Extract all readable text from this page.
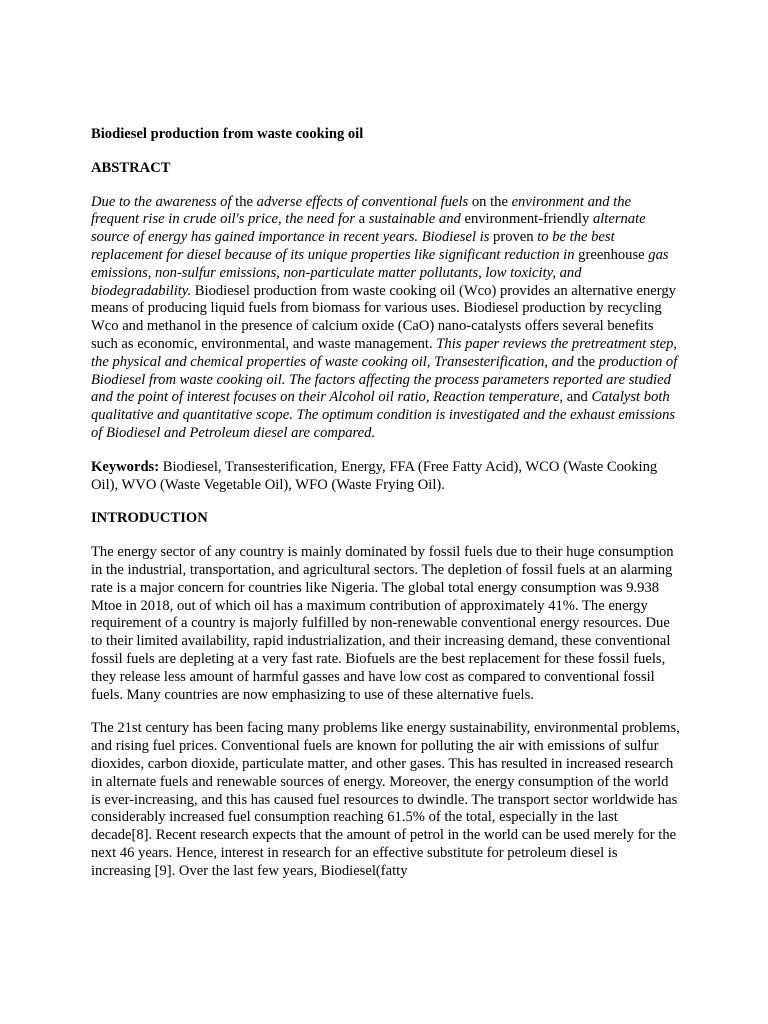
Biodiesel production from waste cooking oil
ABSTRACT

Due to the awareness of the adverse effects of conventional fuels on the environment and the frequent rise in crude oil's price, the need for a sustainable and environment-friendly alternate source of energy has gained importance in recent years. Biodiesel is proven to be the best replacement for diesel because of its unique properties like significant reduction in greenhouse gas emissions, non-sulfur emissions, non-particulate matter pollutants, low toxicity, and biodegradability. Biodiesel production from waste cooking oil (Wco) provides an alternative energy means of producing liquid fuels from biomass for various uses. Biodiesel production by recycling Wco and methanol in the presence of calcium oxide (CaO) nano-catalysts offers several benefits such as economic, environmental, and waste management. This paper reviews the pretreatment step, the physical and chemical properties of waste cooking oil, Transesterification, and the production of Biodiesel from waste cooking oil. The factors affecting the process parameters reported are studied and the point of interest focuses on their Alcohol oil ratio, Reaction temperature, and Catalyst both qualitative and quantitative scope. The optimum condition is investigated and the exhaust emissions of Biodiesel and Petroleum diesel are compared.

Keywords: Biodiesel, Transesterification, Energy, FFA (Free Fatty Acid), WCO (Waste Cooking Oil), WVO (Waste Vegetable Oil), WFO (Waste Frying Oil).

INTRODUCTION

The energy sector of any country is mainly dominated by fossil fuels due to their huge consumption in the industrial, transportation, and agricultural sectors. The depletion of fossil fuels at an alarming rate is a major concern for countries like Nigeria. The global total energy consumption was 9.938 Mtoe in 2018, out of which oil has a maximum contribution of approximately 41%. The energy requirement of a country is majorly fulfilled by non-renewable conventional energy resources. Due to their limited availability, rapid industrialization, and their increasing demand, these conventional fossil fuels are depleting at a very fast rate. Biofuels are the best replacement for these fossil fuels, they release less amount of harmful gasses and have low cost as compared to conventional fossil fuels. Many countries are now emphasizing to use of these alternative fuels.

The 21st century has been facing many problems like energy sustainability, environmental problems, and rising fuel prices. Conventional fuels are known for polluting the air with emissions of sulfur dioxides, carbon dioxide, particulate matter, and other gases. This has resulted in increased research in alternate fuels and renewable sources of energy. Moreover, the energy consumption of the world is ever-increasing, and this has caused fuel resources to dwindle. The transport sector worldwide has considerably increased fuel consumption reaching 61.5% of the total, especially in the last decade[8]. Recent research expects that the amount of petrol in the world can be used merely for the next 46 years. Hence, interest in research for an effective substitute for petroleum diesel is increasing [9]. Over the last few years, Biodiesel(fatty
